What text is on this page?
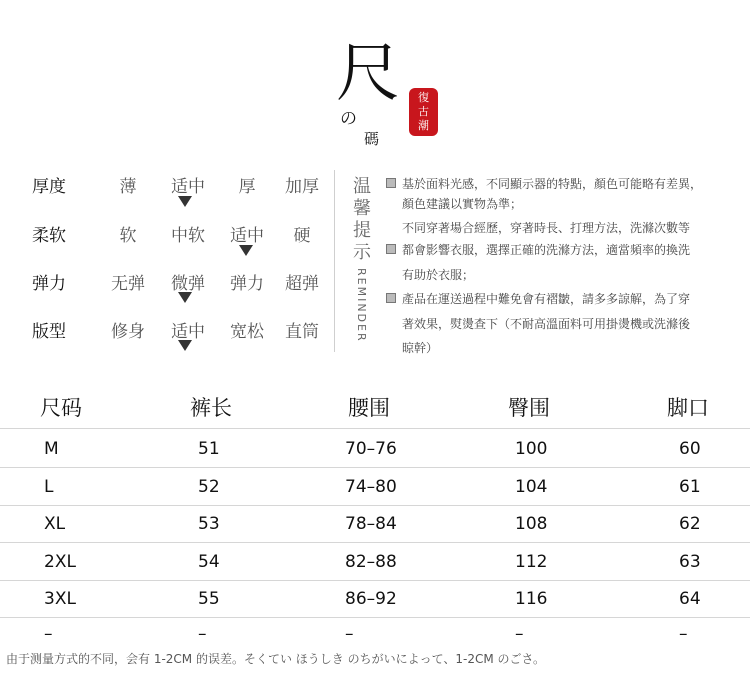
尺
の
碼
復
古
潮
厚度	薄	适中	厚	加厚
柔软	软	中软	适中	硬
弹力	无弹	微弹	弹力	超弹
版型	修身	适中	宽松	直筒
温
馨
提
示
REMINDER
基於面料光感，不同顯示器的特點，顏色可能略有差異，
顏色建議以實物為準；
不同穿著場合經歷，穿著時長、打理方法，洗滌次數等
都會影響衣服，選擇正確的洗滌方法，適當頻率的換洗
有助於衣服；
產品在運送過程中難免會有褶皺，請多多諒解，為了穿
著效果，熨燙查下（不耐高溫面料可用掛燙機或洗滌後
晾幹）
尺码	裤长	腰围	臀围	脚口
M	51	70–76	100	60
L	52	74–80	104	61
XL	53	78–84	108	62
2XL	54	82–88	112	63
3XL	55	86–92	116	64
–	–	–	–	–
由于测量方式的不同，会有 1-2CM 的误差。そくてい ほうしき のちがいによって、1-2CM のごさ。
